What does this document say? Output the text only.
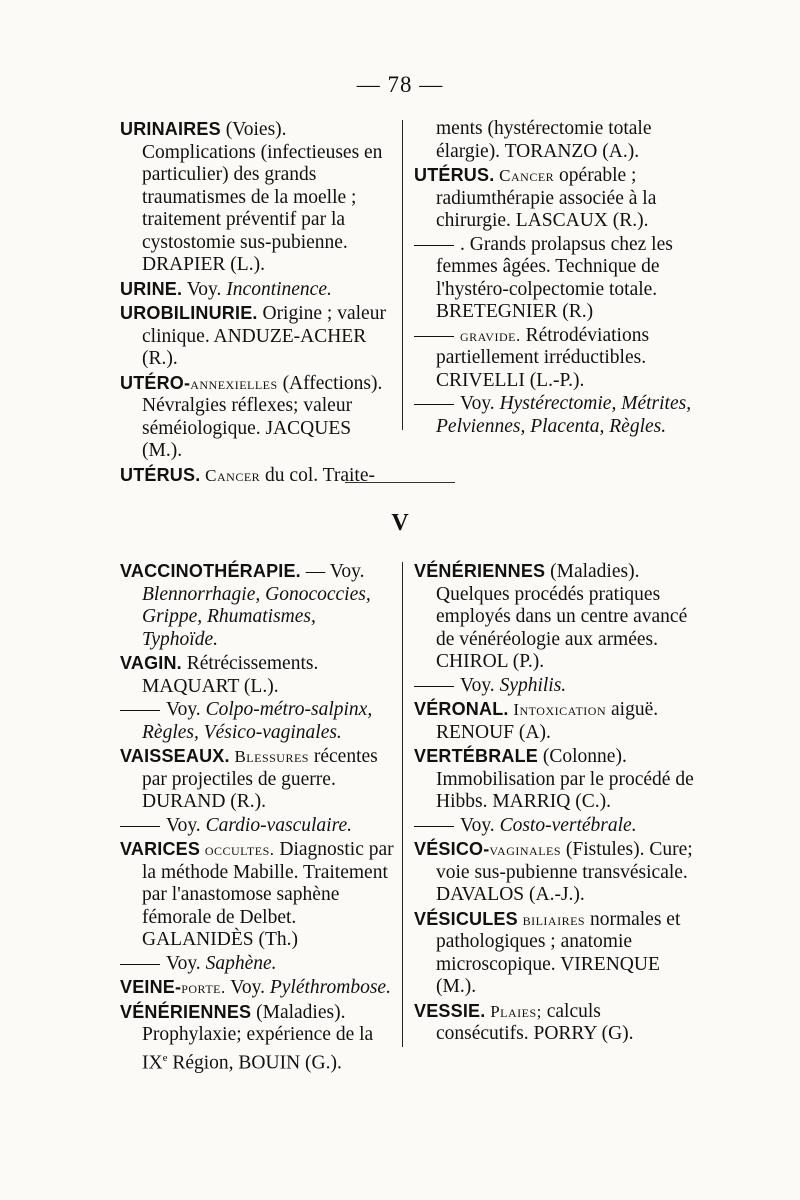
— 78 —

URINAIRES (Voies). Complications (infectieuses en particulier) des grands traumatismes de la moelle ; traitement préventif par la cystostomie sus-pubienne. DRAPIER (L.).

URINE. Voy. Incontinence.

UROBILINURIE. Origine ; valeur clinique. ANDUZE-ACHER (R.).

UTÉRO-annexielles (Affections). Névralgies réflexes; valeur séméiologique. JACQUES (M.).

UTÉRUS. Cancer du col. Traite-

ments (hystérectomie totale élargie). TORANZO (A.).

UTÉRUS. Cancer opérable ; radiumthérapie associée à la chirurgie. LASCAUX (R.).

. Grands prolapsus chez les femmes âgées. Technique de l'hystéro-colpectomie totale. BRETEGNIER (R.)

gravide. Rétrodéviations partiellement irréductibles. CRIVELLI (L.-P.).

Voy. Hystérectomie, Métrites, Pelviennes, Placenta, Règles.

V

VACCINOTHÉRAPIE. — Voy. Blennorrhagie, Gonococcies, Grippe, Rhumatismes, Typhoïde.

VAGIN. Rétrécissements. MAQUART (L.).

Voy. Colpo-métro-salpinx, Règles, Vésico-vaginales.

VAISSEAUX. Blessures récentes par projectiles de guerre. DURAND (R.).

Voy. Cardio-vasculaire.

VARICES occultes. Diagnostic par la méthode Mabille. Traitement par l'anastomose saphène fémorale de Delbet. GALANIDÈS (Th.)

Voy. Saphène.

VEINE-porte. Voy. Pyléthrombose.

VÉNÉRIENNES (Maladies). Prophylaxie; expérience de la IXe Région, BOUIN (G.).

VÉNÉRIENNES (Maladies). Quelques procédés pratiques employés dans un centre avancé de vénéréologie aux armées. CHIROL (P.).

Voy. Syphilis.

VÉRONAL. Intoxication aiguë. RENOUF (A).

VERTÉBRALE (Colonne). Immobilisation par le procédé de Hibbs. MARRIQ (C.).

Voy. Costo-vertébrale.

VÉSICO-vaginales (Fistules). Cure; voie sus-pubienne transvésicale. DAVALOS (A.-J.).

VÉSICULES biliaires normales et pathologiques ; anatomie microscopique. VIRENQUE (M.).

VESSIE. Plaies; calculs consécutifs. PORRY (G).
